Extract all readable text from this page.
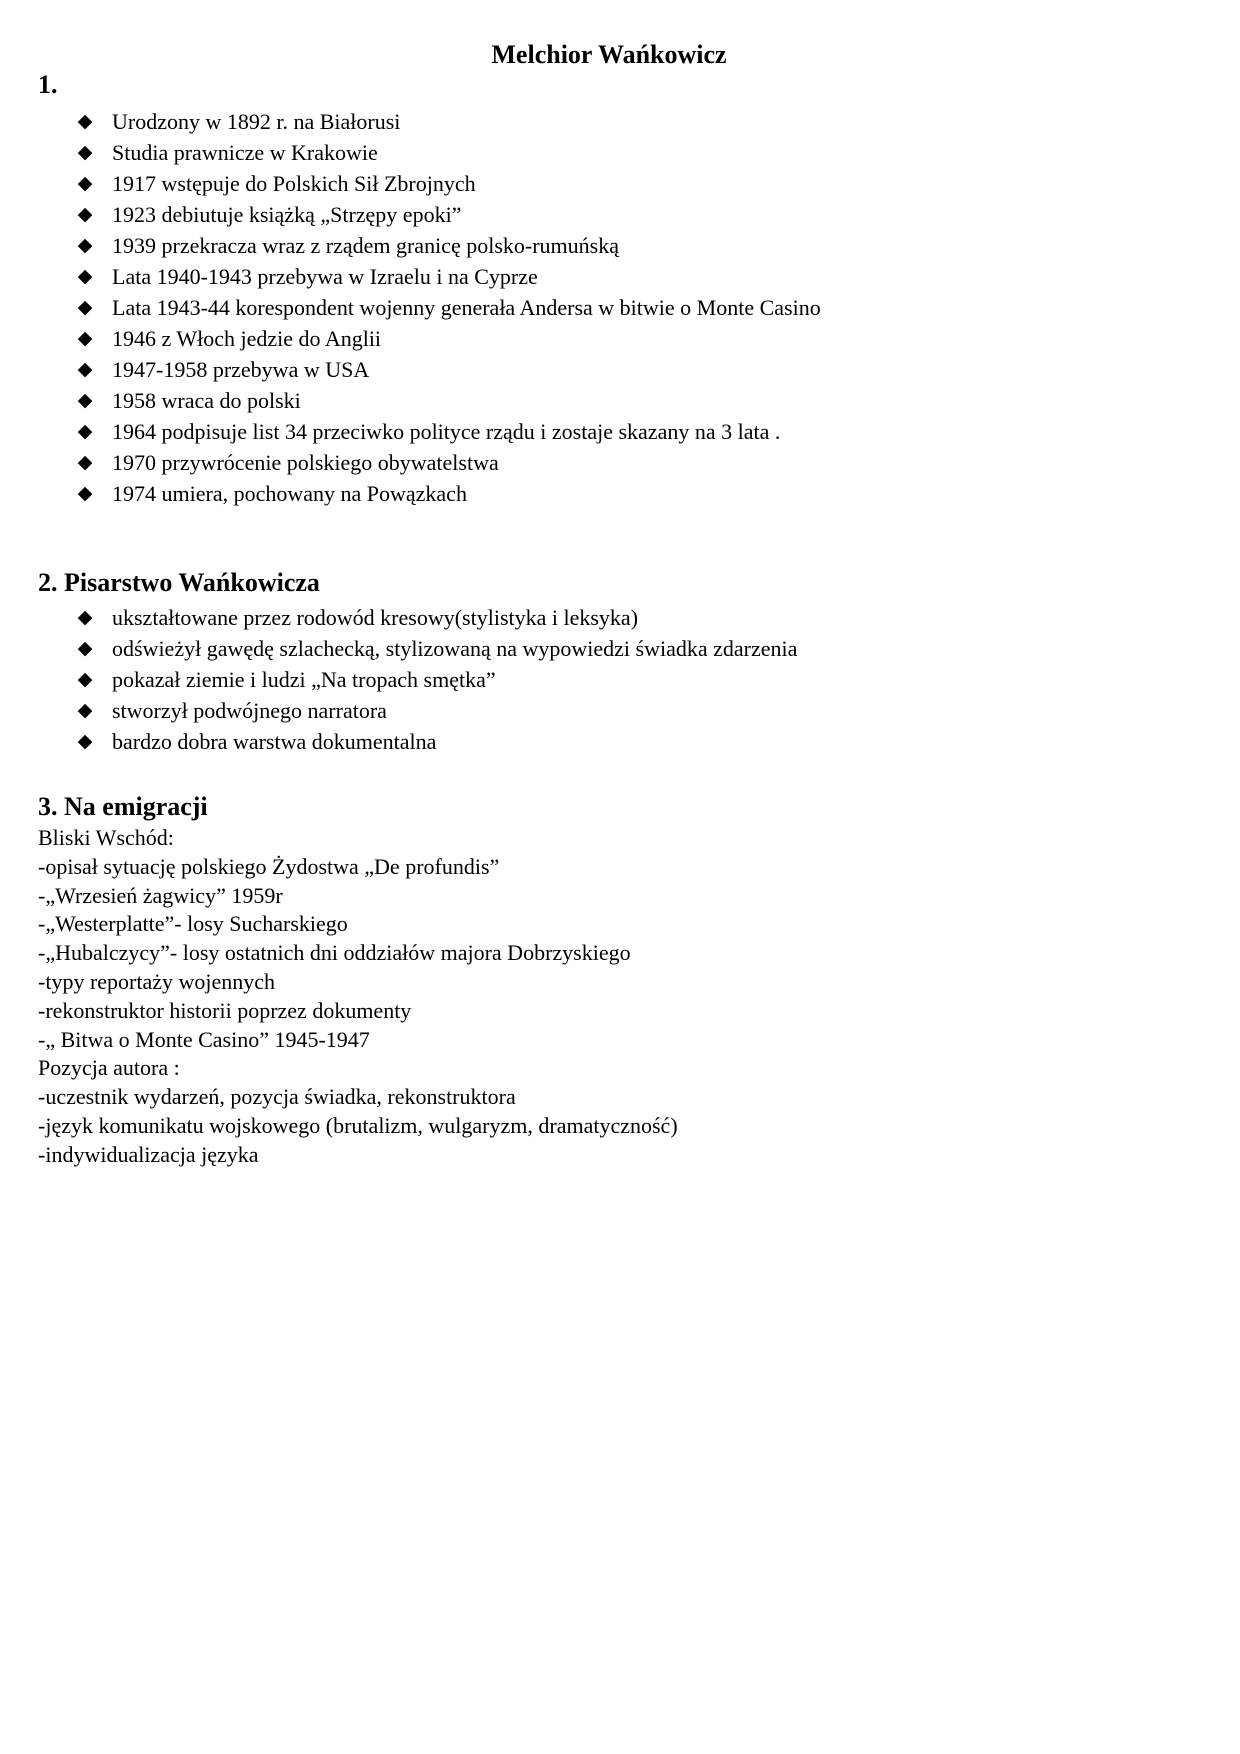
Melchior Wańkowicz
1.
◆ Urodzony w 1892 r. na Białorusi
◆ Studia prawnicze w Krakowie
◆ 1917 wstępuje do Polskich Sił Zbrojnych
◆ 1923 debiutuje książką „Strzępy epoki”
◆ 1939 przekracza wraz z rządem granicę polsko-rumuńską
◆ Lata 1940-1943 przebywa w Izraelu i na Cyprze
◆ Lata 1943-44 korespondent wojenny generała Andersa w bitwie o Monte Casino
◆ 1946 z Włoch jedzie do Anglii
◆ 1947-1958 przebywa w USA
◆ 1958 wraca do polski
◆ 1964 podpisuje list 34 przeciwko polityce rządu i zostaje skazany na 3 lata .
◆ 1970 przywrócenie polskiego obywatelstwa
◆ 1974 umiera, pochowany na Powązkach
2. Pisarstwo Wańkowicza
◆ ukształtowane przez rodowód kresowy(stylistyka i leksyka)
◆ odświeżył gawędę szlachecką, stylizowaną na wypowiedzi świadka zdarzenia
◆ pokazał ziemie i ludzi „Na tropach smętka”
◆ stworzył podwójnego narratora
◆ bardzo dobra warstwa dokumentalna
3. Na emigracji
Bliski Wschód:
-opisał sytuację polskiego Żydostwa „De profundis”
-„Wrzesień żagwicy” 1959r
-„Westerplatte”- losy Sucharskiego
-„Hubalczycy”- losy ostatnich dni oddziałów majora Dobrzyskiego
-typy reportaży wojennych
-rekonstruktor historii poprzez dokumenty
-„ Bitwa o Monte Casino” 1945-1947
Pozycja autora :
-uczestnik wydarzeń, pozycja świadka, rekonstruktora
-język komunikatu wojskowego (brutalizm, wulgaryzm, dramatyczność)
-indywidualizacja języka
